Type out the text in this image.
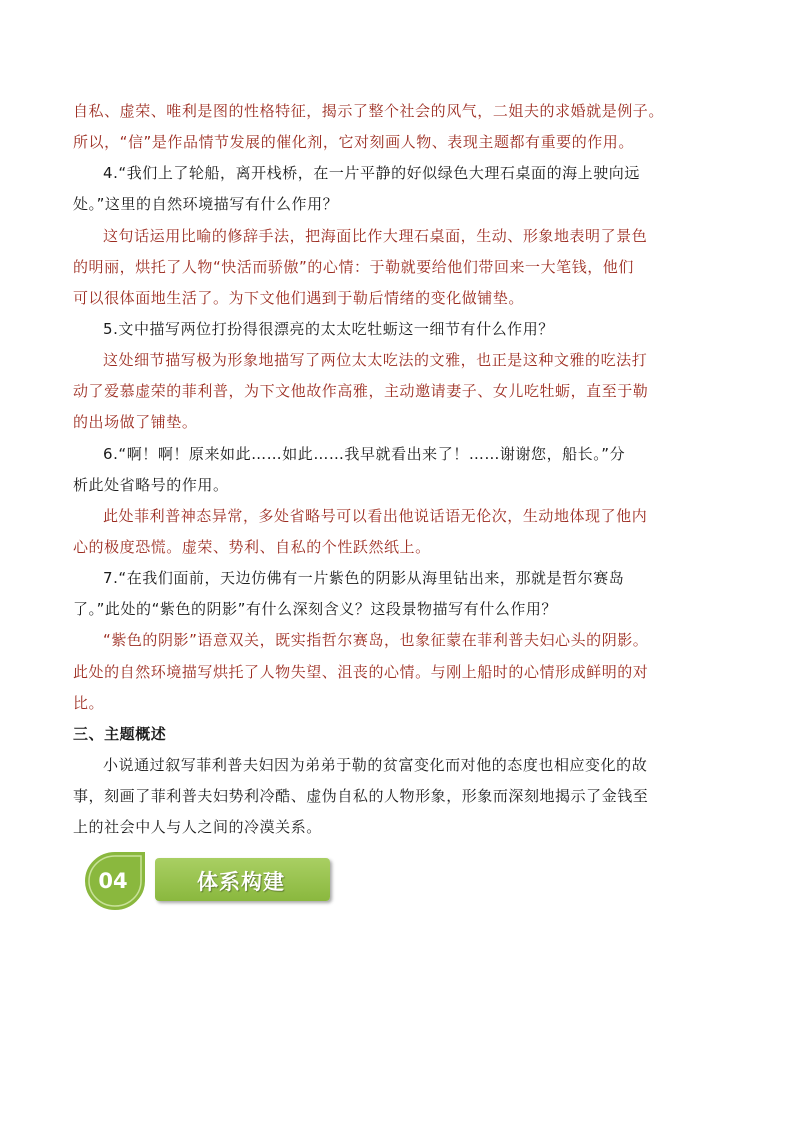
自私、虚荣、唯利是图的性格特征，揭示了整个社会的风气，二姐夫的求婚就是例子。
所以，“信”是作品情节发展的催化剂，它对刻画人物、表现主题都有重要的作用。
4.“我们上了轮船，离开栈桥，在一片平静的好似绿色大理石桌面的海上驶向远
处。”这里的自然环境描写有什么作用？
这句话运用比喻的修辞手法，把海面比作大理石桌面，生动、形象地表明了景色
的明丽，烘托了人物“快活而骄傲”的心情：于勒就要给他们带回来一大笔钱，他们
可以很体面地生活了。为下文他们遇到于勒后情绪的变化做铺垫。
5.文中描写两位打扮得很漂亮的太太吃牡蛎这一细节有什么作用？
这处细节描写极为形象地描写了两位太太吃法的文雅，也正是这种文雅的吃法打
动了爱慕虚荣的菲利普，为下文他故作高雅，主动邀请妻子、女儿吃牡蛎，直至于勒
的出场做了铺垫。
6.“啊！啊！原来如此……如此……我早就看出来了！……谢谢您，船长。”分
析此处省略号的作用。
此处菲利普神态异常，多处省略号可以看出他说话语无伦次，生动地体现了他内
心的极度恐慌。虚荣、势利、自私的个性跃然纸上。
7.“在我们面前，天边仿佛有一片紫色的阴影从海里钻出来，那就是哲尔赛岛
了。”此处的“紫色的阴影”有什么深刻含义？这段景物描写有什么作用？
“紫色的阴影”语意双关，既实指哲尔赛岛，也象征蒙在菲利普夫妇心头的阴影。
此处的自然环境描写烘托了人物失望、沮丧的心情。与刚上船时的心情形成鲜明的对
比。
三、主题概述
小说通过叙写菲利普夫妇因为弟弟于勒的贫富变化而对他的态度也相应变化的故
事，刻画了菲利普夫妇势利冷酷、虚伪自私的人物形象，形象而深刻地揭示了金钱至
上的社会中人与人之间的冷漠关系。
04	体系构建
